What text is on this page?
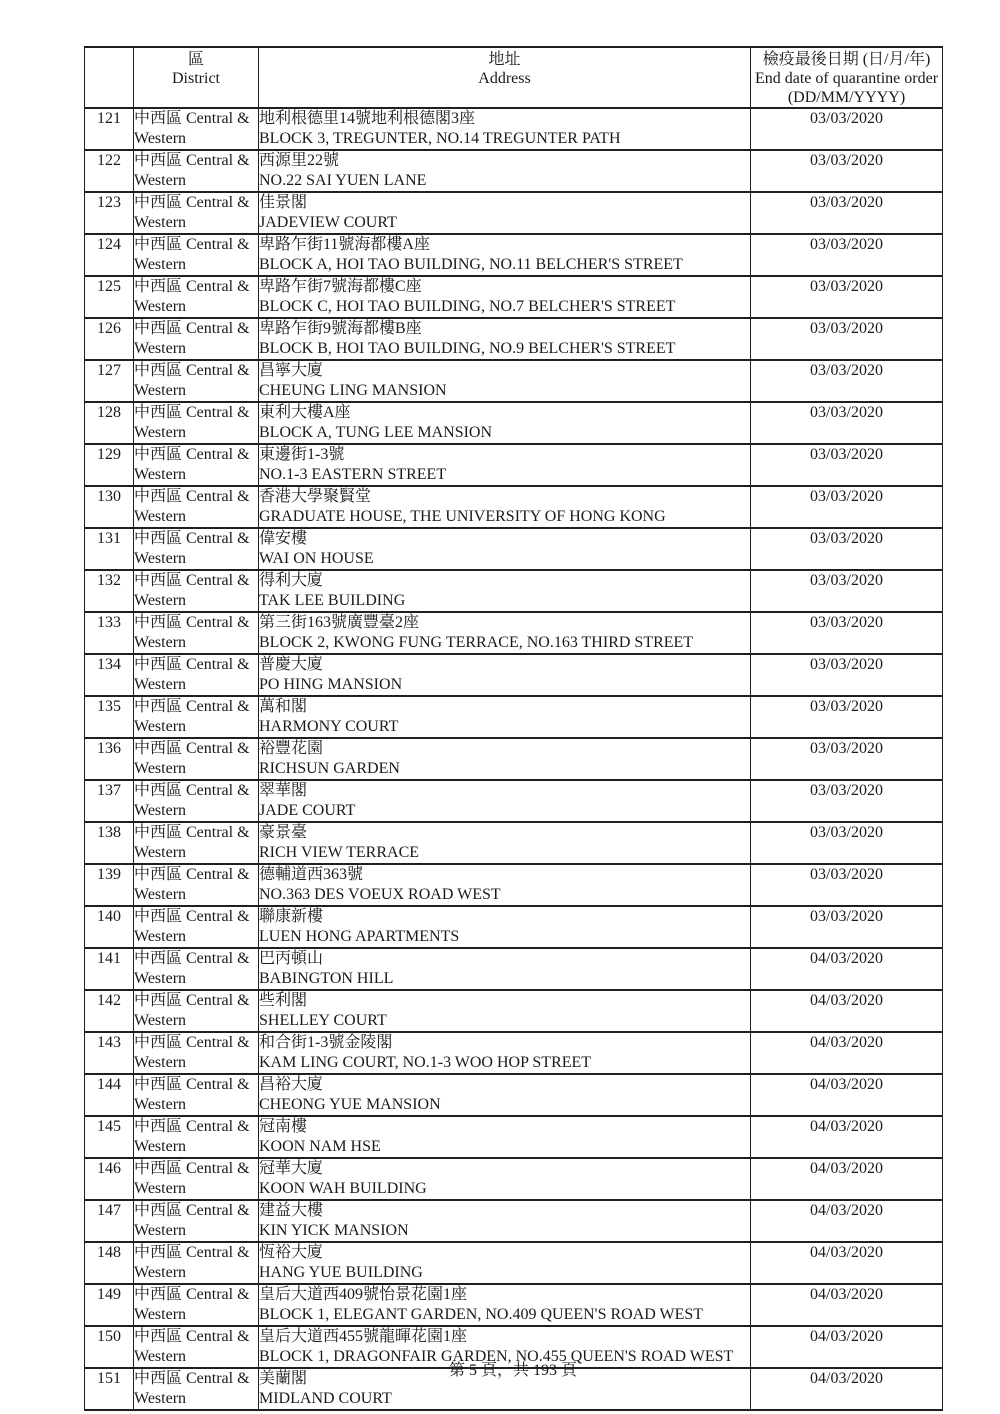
區
District

地址
Address

檢疫最後日期 (日/月/年)
End date of quarantine order
(DD/MM/YYYY)

121	中西區 Central & Western	地利根德里14號地利根德閣3座
BLOCK 3, TREGUNTER, NO.14 TREGUNTER PATH	03/03/2020
122	中西區 Central & Western	西源里22號
NO.22 SAI YUEN LANE	03/03/2020
123	中西區 Central & Western	佳景閣
JADEVIEW COURT	03/03/2020
124	中西區 Central & Western	卑路乍街11號海都樓A座
BLOCK A, HOI TAO BUILDING, NO.11 BELCHER'S STREET	03/03/2020
125	中西區 Central & Western	卑路乍街7號海都樓C座
BLOCK C, HOI TAO BUILDING, NO.7 BELCHER'S STREET	03/03/2020
126	中西區 Central & Western	卑路乍街9號海都樓B座
BLOCK B, HOI TAO BUILDING, NO.9 BELCHER'S STREET	03/03/2020
127	中西區 Central & Western	昌寧大廈
CHEUNG LING MANSION	03/03/2020
128	中西區 Central & Western	東利大樓A座
BLOCK A, TUNG LEE MANSION	03/03/2020
129	中西區 Central & Western	東邊街1-3號
NO.1-3 EASTERN STREET	03/03/2020
130	中西區 Central & Western	香港大學聚賢堂
GRADUATE HOUSE, THE UNIVERSITY OF HONG KONG	03/03/2020
131	中西區 Central & Western	偉安樓
WAI ON HOUSE	03/03/2020
132	中西區 Central & Western	得利大廈
TAK LEE BUILDING	03/03/2020
133	中西區 Central & Western	第三街163號廣豐臺2座
BLOCK 2, KWONG FUNG TERRACE, NO.163 THIRD STREET	03/03/2020
134	中西區 Central & Western	普慶大廈
PO HING MANSION	03/03/2020
135	中西區 Central & Western	萬和閣
HARMONY COURT	03/03/2020
136	中西區 Central & Western	裕豐花園
RICHSUN GARDEN	03/03/2020
137	中西區 Central & Western	翠華閣
JADE COURT	03/03/2020
138	中西區 Central & Western	豪景臺
RICH VIEW TERRACE	03/03/2020
139	中西區 Central & Western	德輔道西363號
NO.363 DES VOEUX ROAD WEST	03/03/2020
140	中西區 Central & Western	聯康新樓
LUEN HONG APARTMENTS	03/03/2020
141	中西區 Central & Western	巴丙頓山
BABINGTON HILL	04/03/2020
142	中西區 Central & Western	些利閣
SHELLEY COURT	04/03/2020
143	中西區 Central & Western	和合街1-3號金陵閣
KAM LING COURT, NO.1-3 WOO HOP STREET	04/03/2020
144	中西區 Central & Western	昌裕大廈
CHEONG YUE MANSION	04/03/2020
145	中西區 Central & Western	冠南樓
KOON NAM HSE	04/03/2020
146	中西區 Central & Western	冠華大廈
KOON WAH BUILDING	04/03/2020
147	中西區 Central & Western	建益大樓
KIN YICK MANSION	04/03/2020
148	中西區 Central & Western	恆裕大廈
HANG YUE BUILDING	04/03/2020
149	中西區 Central & Western	皇后大道西409號怡景花園1座
BLOCK 1, ELEGANT GARDEN, NO.409 QUEEN'S ROAD WEST	04/03/2020
150	中西區 Central & Western	皇后大道西455號龍暉花園1座
BLOCK 1, DRAGONFAIR GARDEN, NO.455 QUEEN'S ROAD WEST	04/03/2020
151	中西區 Central & Western	美蘭閣
MIDLAND COURT	04/03/2020
第 5 頁，共 193 頁
